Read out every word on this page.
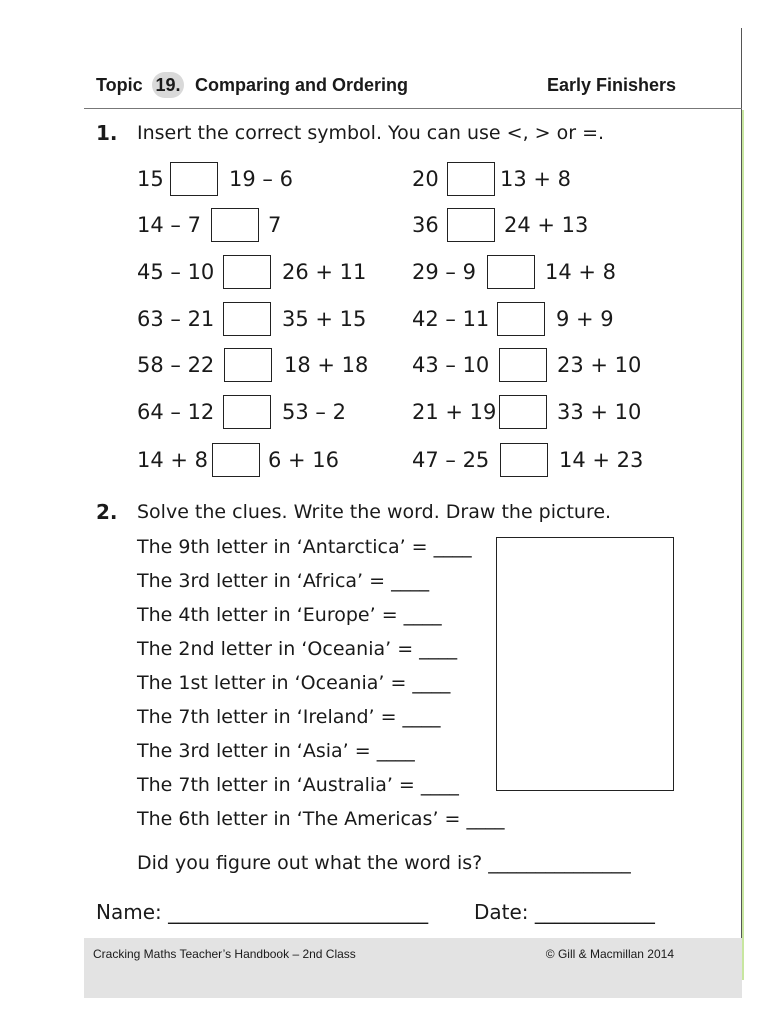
Topic 19. Comparing and Ordering	Early Finishers
1. Insert the correct symbol. You can use <, > or =.
15	19 – 6
14 – 7	7
45 – 10	26 + 11
63 – 21	35 + 15
58 – 22	18 + 18
64 – 12	53 – 2
14 + 8	6 + 16
20	13 + 8
36	24 + 13
29 – 9	14 + 8
42 – 11	9 + 9
43 – 10	23 + 10
21 + 19	33 + 10
47 – 25	14 + 23
2. Solve the clues. Write the word. Draw the picture.
The 9th letter in ‘Antarctica’ = ____
The 3rd letter in ‘Africa’ = ____
The 4th letter in ‘Europe’ = ____
The 2nd letter in ‘Oceania’ = ____
The 1st letter in ‘Oceania’ = ____
The 7th letter in ‘Ireland’ = ____
The 3rd letter in ‘Asia’ = ____
The 7th letter in ‘Australia’ = ____
The 6th letter in ‘The Americas’ = ____
Did you figure out what the word is? _______________
Name: __________________________ Date: ____________
Cracking Maths Teacher’s Handbook – 2nd Class	© Gill & Macmillan 2014
